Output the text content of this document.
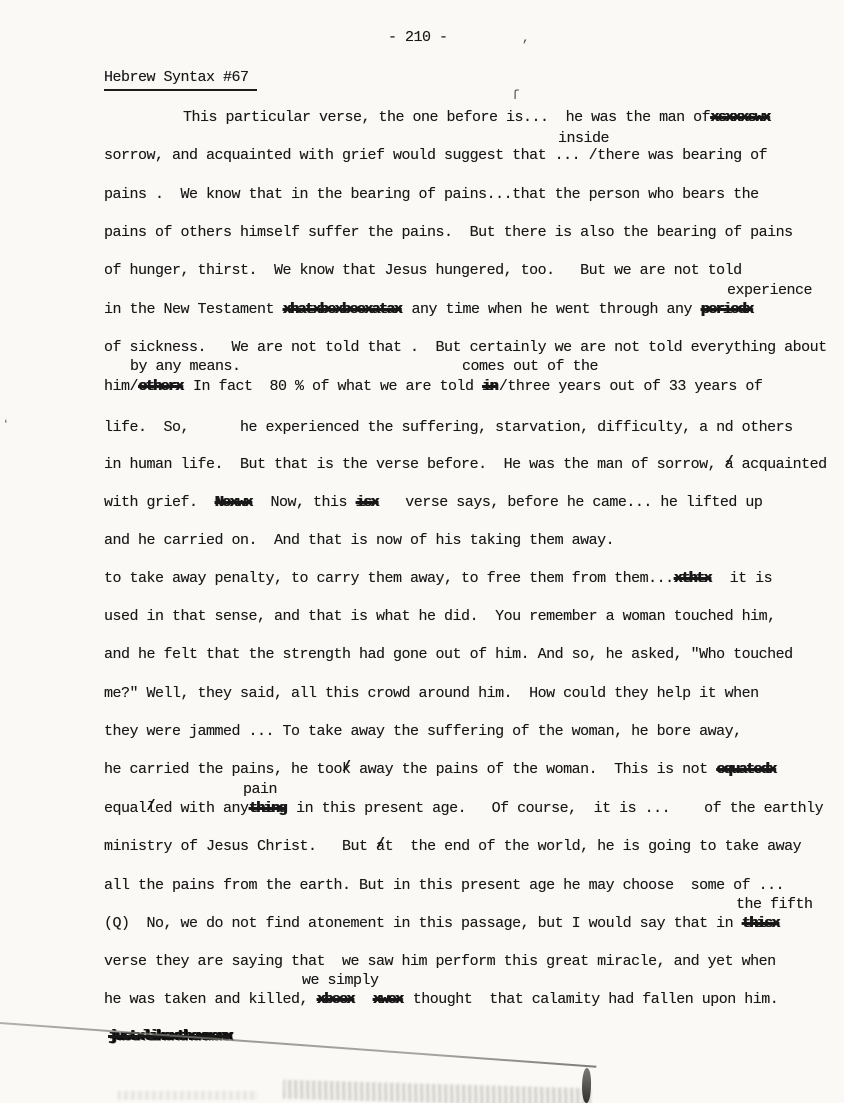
- 210 -
Hebrew Syntax #67
This particular verse, the one before is...  he was the man ofxsxxxswx
inside
sorrow, and acquainted with grief would suggest that ... /there was bearing of
pains .  We know that in the bearing of pains...that the person who bears the
pains of others himself suffer the pains.  But there is also the bearing of pains
of hunger, thirst.  We know that Jesus hungered, too.   But we are not told
experience
in the New Testament xhatxbexbeexatax any time when he went through any periodx
of sickness.   We are not told that .  But certainly we are not told everything about
by any means.	comes out of the
him/otherx In fact  80 % of what we are told in /three years out of 33 years of
life.  So,      he experienced the suffering, starvation, difficulty, a nd others
in human life.  But that is the verse before.  He was the man of sorrow, a / acquainted
with grief.  Noxwx  Now, this isx   verse says, before he came... he lifted up
and he carried on.  And that is now of his taking them away.
to take away penalty, to carry them away, to free them from them...xthtx  it is
used in that sense, and that is what he did.  You remember a woman touched him,
and he felt that the strength had gone out of him. And so, he asked, "Who touched
me?" Well, they said, all this crowd around him.  How could they help it when
they were jammed ... To take away the suffering of the woman, he bore away,
he carried the pains, he took / away the pains of the woman.  This is not equatedx
pain
equall /ed with anything in this present age.   Of course,  it is ...    of the earthly
ministry of Jesus Christ.   But a /t  the end of the world, he is going to take away
all the pains from the earth. But in this present age he may choose  some of ...
the fifth
(Q)  No, we do not find atonement in this passage, but I would say that in thisx
verse they are saying that  we saw him perform this great miracle, and yet when
we simply
he was taken and killed, xbeex xwex thought  that calamity had fallen upon him.
justxlikexthexmenx
’
ſ
ʻ
